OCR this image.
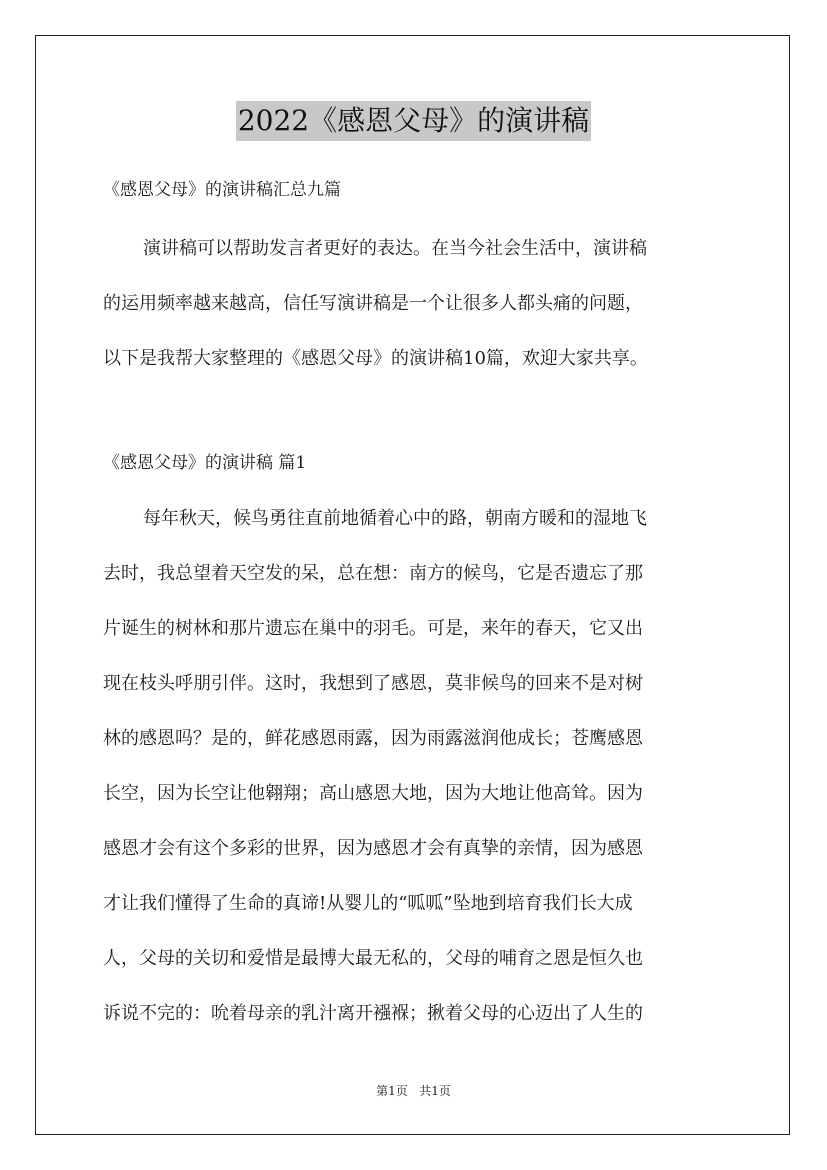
2022《感恩父母》的演讲稿
《感恩父母》的演讲稿汇总九篇
演讲稿可以帮助发言者更好的表达。在当今社会生活中，演讲稿
的运用频率越来越高，信任写演讲稿是一个让很多人都头痛的问题，
以下是我帮大家整理的《感恩父母》的演讲稿10篇，欢迎大家共享。
《感恩父母》的演讲稿 篇1
每年秋天，候鸟勇往直前地循着心中的路，朝南方暖和的湿地飞
去时，我总望着天空发的呆，总在想：南方的候鸟，它是否遗忘了那
片诞生的树林和那片遗忘在巢中的羽毛。可是，来年的春天，它又出
现在枝头呼朋引伴。这时，我想到了感恩，莫非候鸟的回来不是对树
林的感恩吗？是的，鲜花感恩雨露，因为雨露滋润他成长；苍鹰感恩
长空，因为长空让他翱翔；高山感恩大地，因为大地让他高耸。因为
感恩才会有这个多彩的世界，因为感恩才会有真挚的亲情，因为感恩
才让我们懂得了生命的真谛!从婴儿的“呱呱”坠地到培育我们长大成
人，父母的关切和爱惜是最博大最无私的，父母的哺育之恩是恒久也
诉说不完的：吮着母亲的乳汁离开襁褓；揪着父母的心迈出了人生的
第1页 共1页
